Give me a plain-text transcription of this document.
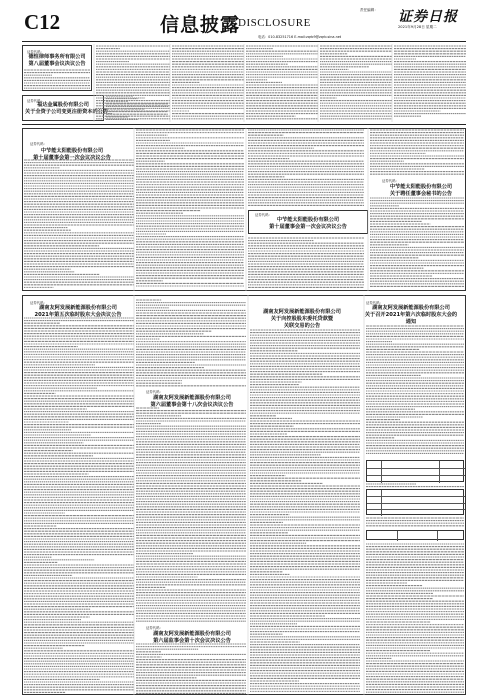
C12	信息披露
DISCLOSURE
责任编辑： 证券日报
2021年9月28日 星期二
电话：010-83251716 E-mail:zqrb9@zqrb.sina.net
证券代码：
德恒律师事务所有限公司
第八届董事会议决议公告
证券代码：
福达金属股份有限公司
关于全资子公司变更注册资本的公告
中节能太阳能股份有限公司
第十届董事会第一次会议决议公告
证券代码：
证券代码：
中节能太阳能股份有限公司
第十届董事会第一次会议决议公告
中节能太阳能股份有限公司
关于聘任董事会秘书的公告
证券代码：
证券代码：
湖南友阿发展新能源股份有限公司
2021年第五次临时股东大会决议公告
证券代码：
湖南友阿发展新能源股份有限公司
第六届董事会第十八次会议决议公告
湖南友阿发展新能源股份有限公司
关于向控股股东委托贷款暨
关联交易的公告
证券代码：
湖南友阿发展新能源股份有限公司
关于召开2021年第六次临时股东大会的
通知
证券代码：
湖南友阿发展新能源股份有限公司
第六届监事会第十次会议决议公告
